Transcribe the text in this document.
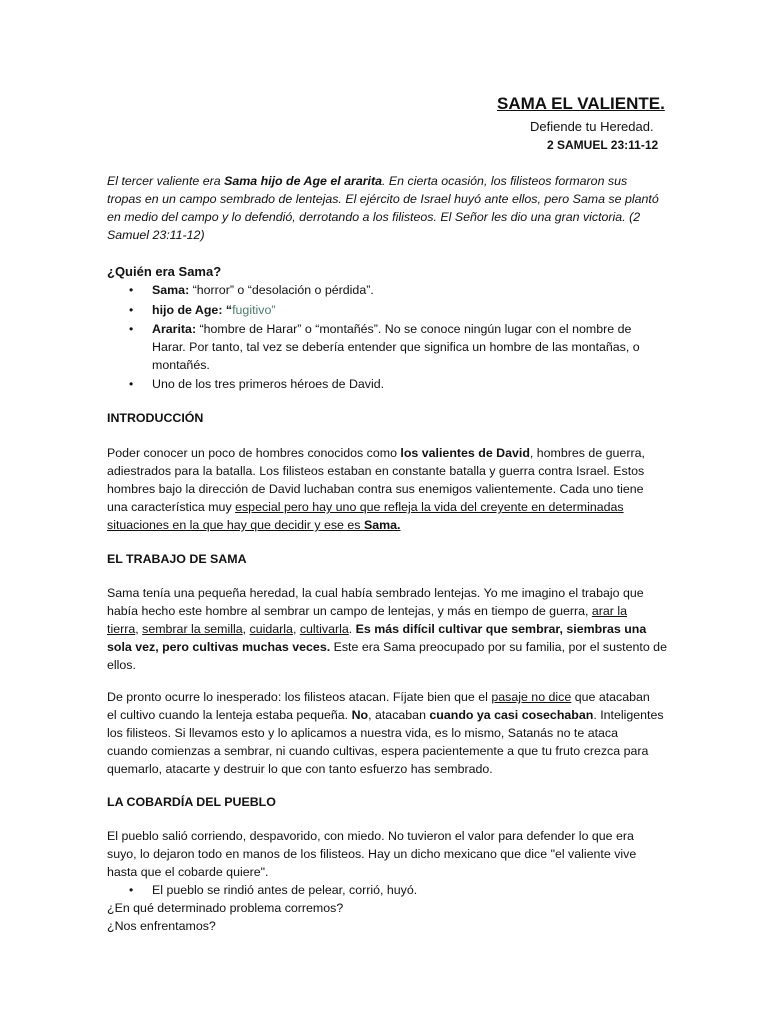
SAMA EL VALIENTE.
Defiende tu Heredad.
2 SAMUEL 23:11-12
El tercer valiente era Sama hijo de Age el ararita. En cierta ocasión, los filisteos formaron sus
tropas en un campo sembrado de lentejas. El ejército de Israel huyó ante ellos, pero Sama se plantó
en medio del campo y lo defendió, derrotando a los filisteos. El Señor les dio una gran victoria. (2
Samuel 23:11-12)
¿Quién era Sama?
• Sama: “horror” o “desolación o pérdida”.
• hijo de Age: “fugitivo”
• Ararita: “hombre de Harar” o “montañés”. No se conoce ningún lugar con el nombre de
Harar. Por tanto, tal vez se debería entender que significa un hombre de las montañas, o
montañés.
• Uno de los tres primeros héroes de David.
INTRODUCCIÓN
Poder conocer un poco de hombres conocidos como los valientes de David, hombres de guerra,
adiestrados para la batalla. Los filisteos estaban en constante batalla y guerra contra Israel. Estos
hombres bajo la dirección de David luchaban contra sus enemigos valientemente. Cada uno tiene
una característica muy especial pero hay uno que refleja la vida del creyente en determinadas
situaciones en la que hay que decidir y ese es Sama.
EL TRABAJO DE SAMA
Sama tenía una pequeña heredad, la cual había sembrado lentejas. Yo me imagino el trabajo que
había hecho este hombre al sembrar un campo de lentejas, y más en tiempo de guerra, arar la
tierra, sembrar la semilla, cuidarla, cultivarla. Es más difícil cultivar que sembrar, siembras una
sola vez, pero cultivas muchas veces. Este era Sama preocupado por su familia, por el sustento de
ellos.
De pronto ocurre lo inesperado: los filisteos atacan. Fíjate bien que el pasaje no dice que atacaban
el cultivo cuando la lenteja estaba pequeña. No, atacaban cuando ya casi cosechaban. Inteligentes
los filisteos. Si llevamos esto y lo aplicamos a nuestra vida, es lo mismo, Satanás no te ataca
cuando comienzas a sembrar, ni cuando cultivas, espera pacientemente a que tu fruto crezca para
quemarlo, atacarte y destruir lo que con tanto esfuerzo has sembrado.
LA COBARDÍA DEL PUEBLO
El pueblo salió corriendo, despavorido, con miedo. No tuvieron el valor para defender lo que era
suyo, lo dejaron todo en manos de los filisteos. Hay un dicho mexicano que dice "el valiente vive
hasta que el cobarde quiere".
• El pueblo se rindió antes de pelear, corrió, huyó.
¿En qué determinado problema corremos?
¿Nos enfrentamos?
